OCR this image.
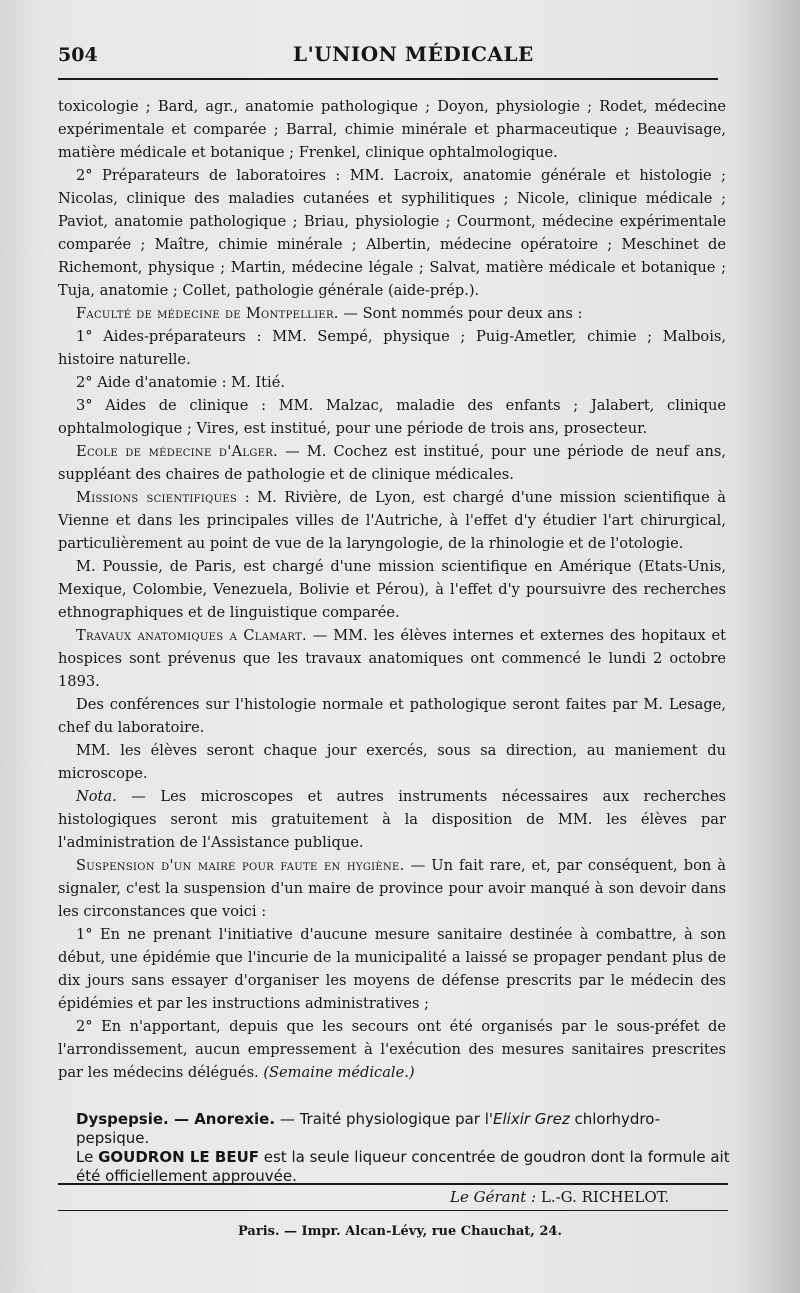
504	L'UNION MÉDICALE

toxicologie ; Bard, agr., anatomie pathologique ; Doyon, physiologie ; Rodet, médecine expérimentale et comparée ; Barral, chimie minérale et pharmaceutique ; Beauvisage, matière médicale et botanique ; Frenkel, clinique ophtalmologique.

2° Préparateurs de laboratoires : MM. Lacroix, anatomie générale et histologie ; Nicolas, clinique des maladies cutanées et syphilitiques ; Nicole, clinique médicale ; Paviot, anatomie pathologique ; Briau, physiologie ; Courmont, médecine expérimentale comparée ; Maître, chimie minérale ; Albertin, médecine opératoire ; Meschinet de Richemont, physique ; Martin, médecine légale ; Salvat, matière médicale et botanique ; Tuja, anatomie ; Collet, pathologie générale (aide-prép.).

Faculté de médecine de Montpellier. — Sont nommés pour deux ans :

1° Aides-préparateurs : MM. Sempé, physique ; Puig-Ametler, chimie ; Malbois, histoire naturelle.

2° Aide d'anatomie : M. Itié.

3° Aides de clinique : MM. Malzac, maladie des enfants ; Jalabert, clinique ophtalmologique ; Vires, est institué, pour une période de trois ans, prosecteur.

Ecole de médecine d'Alger. — M. Cochez est institué, pour une période de neuf ans, suppléant des chaires de pathologie et de clinique médicales.

Missions scientifiques : M. Rivière, de Lyon, est chargé d'une mission scientifique à Vienne et dans les principales villes de l'Autriche, à l'effet d'y étudier l'art chirurgical, particulièrement au point de vue de la laryngologie, de la rhinologie et de l'otologie.

M. Poussie, de Paris, est chargé d'une mission scientifique en Amérique (Etats-Unis, Mexique, Colombie, Venezuela, Bolivie et Pérou), à l'effet d'y poursuivre des recherches ethnographiques et de linguistique comparée.

Travaux anatomiques a Clamart. — MM. les élèves internes et externes des hopitaux et hospices sont prévenus que les travaux anatomiques ont commencé le lundi 2 octobre 1893.

Des conférences sur l'histologie normale et pathologique seront faites par M. Lesage, chef du laboratoire.

MM. les élèves seront chaque jour exercés, sous sa direction, au maniement du microscope.

Nota. — Les microscopes et autres instruments nécessaires aux recherches histologiques seront mis gratuitement à la disposition de MM. les élèves par l'administration de l'Assistance publique.

Suspension d'un maire pour faute en hygiène. — Un fait rare, et, par conséquent, bon à signaler, c'est la suspension d'un maire de province pour avoir manqué à son devoir dans les circonstances que voici :

1° En ne prenant l'initiative d'aucune mesure sanitaire destinée à combattre, à son début, une épidémie que l'incurie de la municipalité a laissé se propager pendant plus de dix jours sans essayer d'organiser les moyens de défense prescrits par le médecin des épidémies et par les instructions administratives ;

2° En n'apportant, depuis que les secours ont été organisés par le sous-préfet de l'arrondissement, aucun empressement à l'exécution des mesures sanitaires prescrites par les médecins délégués. (Semaine médicale.)

Dyspepsie. — Anorexie. — Traité physiologique par l'Elixir Grez chlorhydro-pepsique.

Le GOUDRON LE BEUF est la seule liqueur concentrée de goudron dont la formule ait été officiellement approuvée.

Le Gérant : L.-G. RICHELOT.
Paris. — Impr. Alcan-Lévy, rue Chauchat, 24.
